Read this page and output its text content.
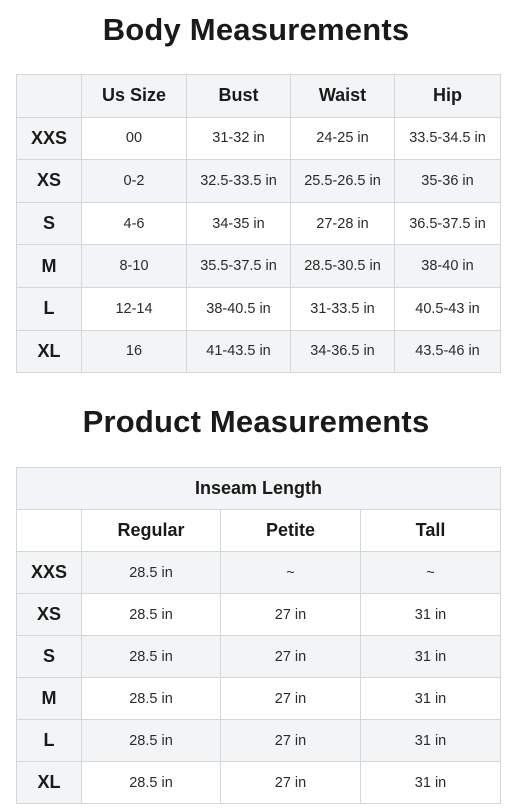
Body Measurements
	Us Size	Bust	Waist	Hip
XXS	00	31-32 in	24-25 in	33.5-34.5 in
XS	0-2	32.5-33.5 in	25.5-26.5 in	35-36 in
S	4-6	34-35 in	27-28 in	36.5-37.5 in
M	8-10	35.5-37.5 in	28.5-30.5 in	38-40 in
L	12-14	38-40.5 in	31-33.5 in	40.5-43 in
XL	16	41-43.5 in	34-36.5 in	43.5-46 in
Product Measurements
Inseam Length			
	Regular	Petite	Tall
XXS	28.5 in	~	~
XS	28.5 in	27 in	31 in
S	28.5 in	27 in	31 in
M	28.5 in	27 in	31 in
L	28.5 in	27 in	31 in
XL	28.5 in	27 in	31 in
